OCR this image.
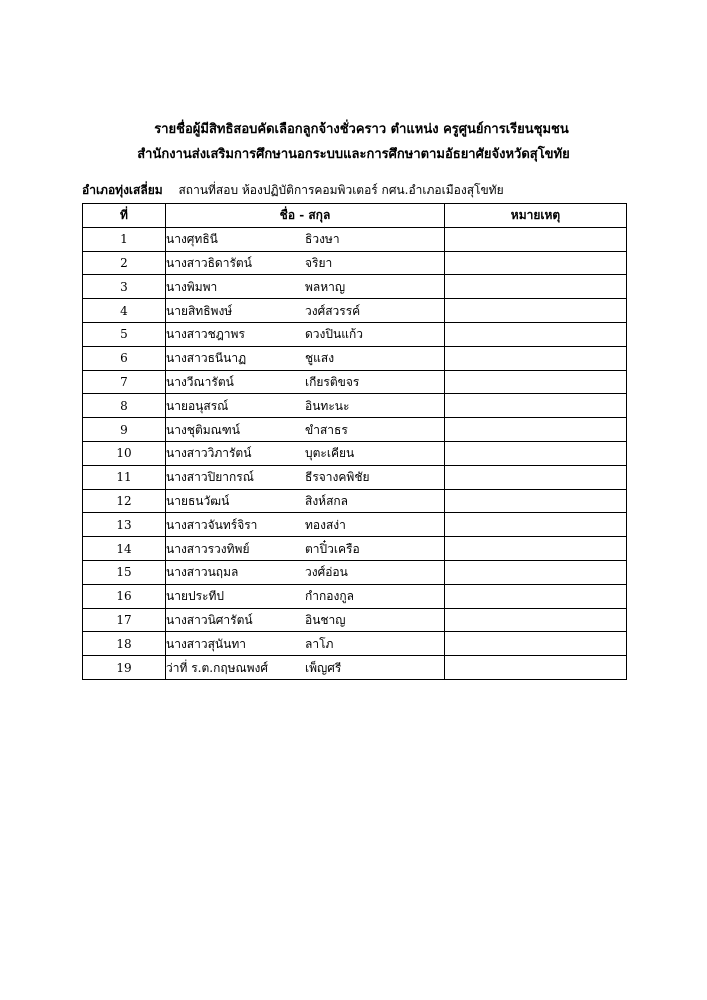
รายชื่อผู้มีสิทธิสอบคัดเลือกลูกจ้างชั่วคราว ตำแหน่ง ครูศูนย์การเรียนชุมชน
สำนักงานส่งเสริมการศึกษานอกระบบและการศึกษาตามอัธยาศัยจังหวัดสุโขทัย
อำเภอทุ่งเสลี่ยม สถานที่สอบ ห้องปฏิบัติการคอมพิวเตอร์ กศน.อำเภอเมืองสุโขทัย
ที่	ชื่อ - สกุล	หมายเหตุ
1	นางศุทธินี ธิวงษา	
2	นางสาวธิดารัตน์ จริยา	
3	นางพิมพา พลหาญ	
4	นายสิทธิพงษ์ วงศ์สวรรค์	
5	นางสาวชฎาพร ดวงปินแก้ว	
6	นางสาวธนีนาฏ ชูแสง	
7	นางวีณารัตน์ เกียรติขจร	
8	นายอนุสรณ์ อินทะนะ	
9	นางชุติมณฑน์ ขำสาธร	
10	นางสาววิภารัตน์ บุตะเคียน	
11	นางสาวปิยากรณ์ ธีรจางคพิชัย	
12	นายธนวัฒน์ สิงห์สกล	
13	นางสาวจันทร์จิรา ทองสง่า	
14	นางสาวรวงทิพย์ ตาปิ๋วเครือ	
15	นางสาวนฤมล วงศ์อ่อน	
16	นายประทีป กำกองกูล	
17	นางสาวนิศารัตน์ อินชาญ	
18	นางสาวสุนันทา ลาโภ	
19	ว่าที่ ร.ต.กฤษณพงศ์ เพ็ญศรี	
